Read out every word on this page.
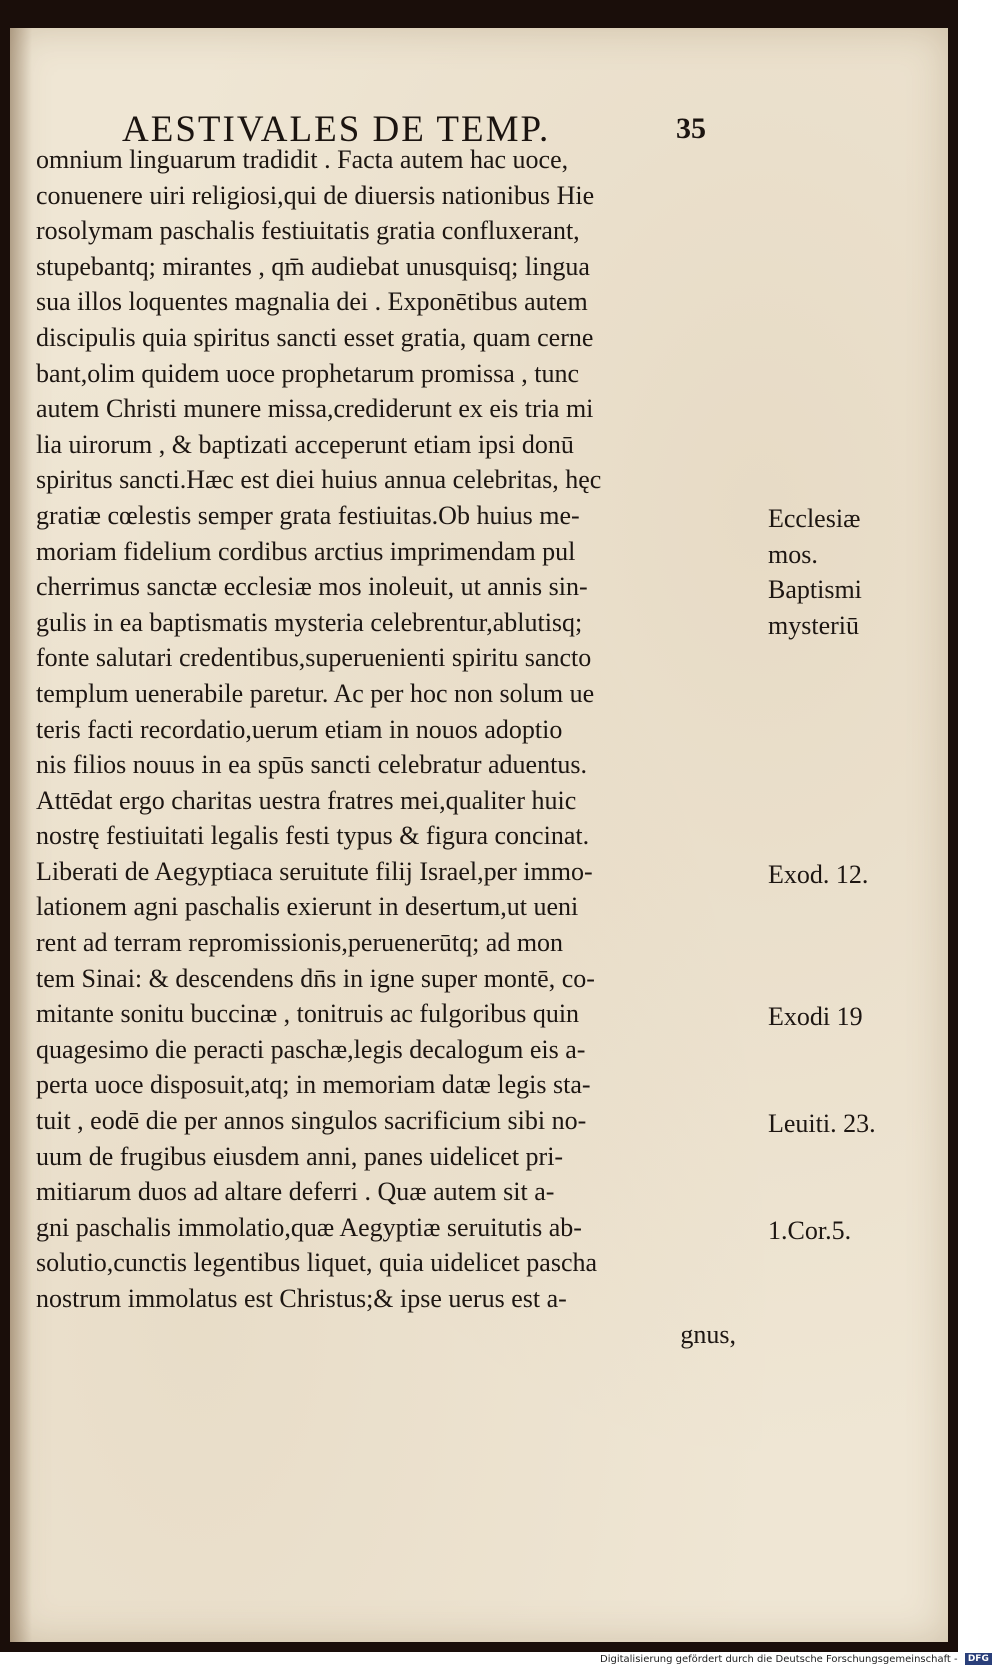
AESTIVALES DE TEMP.	35
omnium linguarum tradidit . Facta autem hac uoce,
conuenere uiri religiosi,qui de diuersis nationibus Hie
rosolymam paschalis festiuitatis gratia confluxerant,
stupebantq; mirantes , qm̄ audiebat unusquisq; lingua
sua illos loquentes magnalia dei . Exponētibus autem
discipulis quia spiritus sancti esset gratia, quam cerne
bant,olim quidem uoce prophetarum promissa , tunc
autem Christi munere missa,crediderunt ex eis tria mi
lia uirorum , & baptizati acceperunt etiam ipsi donū
spiritus sancti.Hæc est diei huius annua celebritas, hęc
gratiæ cœlestis semper grata festiuitas.Ob huius me-
moriam fidelium cordibus arctius imprimendam pul
cherrimus sanctæ ecclesiæ mos inoleuit, ut annis sin-
gulis in ea baptismatis mysteria celebrentur,ablutisq;
fonte salutari credentibus,superuenienti spiritu sancto
templum uenerabile paretur. Ac per hoc non solum ue
teris facti recordatio,uerum etiam in nouos adoptio
nis filios nouus in ea spūs sancti celebratur aduentus.
Attēdat ergo charitas uestra fratres mei,qualiter huic
nostrę festiuitati legalis festi typus & figura concinat.
Liberati de Aegyptiaca seruitute filij Israel,per immo-
lationem agni paschalis exierunt in desertum,ut ueni
rent ad terram repromissionis,peruenerūtq; ad mon
tem Sinai: & descendens dn̄s in igne super montē, co-
mitante sonitu buccinæ , tonitruis ac fulgoribus quin
quagesimo die peracti paschæ,legis decalogum eis a-
perta uoce disposuit,atq; in memoriam datæ legis sta-
tuit , eodē die per annos singulos sacrificium sibi no-
uum de frugibus eiusdem anni, panes uidelicet pri-
mitiarum duos ad altare deferri . Quæ autem sit a-
gni paschalis immolatio,quæ Aegyptiæ seruitutis ab-
solutio,cunctis legentibus liquet, quia uidelicet pascha
nostrum immolatus est Christus;& ipse uerus est a-
gnus,
Ecclesiæ
mos.
Baptismi
mysteriū
Exod. 12.
Exodi 19
Leuiti. 23.
1.Cor.5.
Digitalisierung gefördert durch die Deutsche Forschungsgemeinschaft - DFG
